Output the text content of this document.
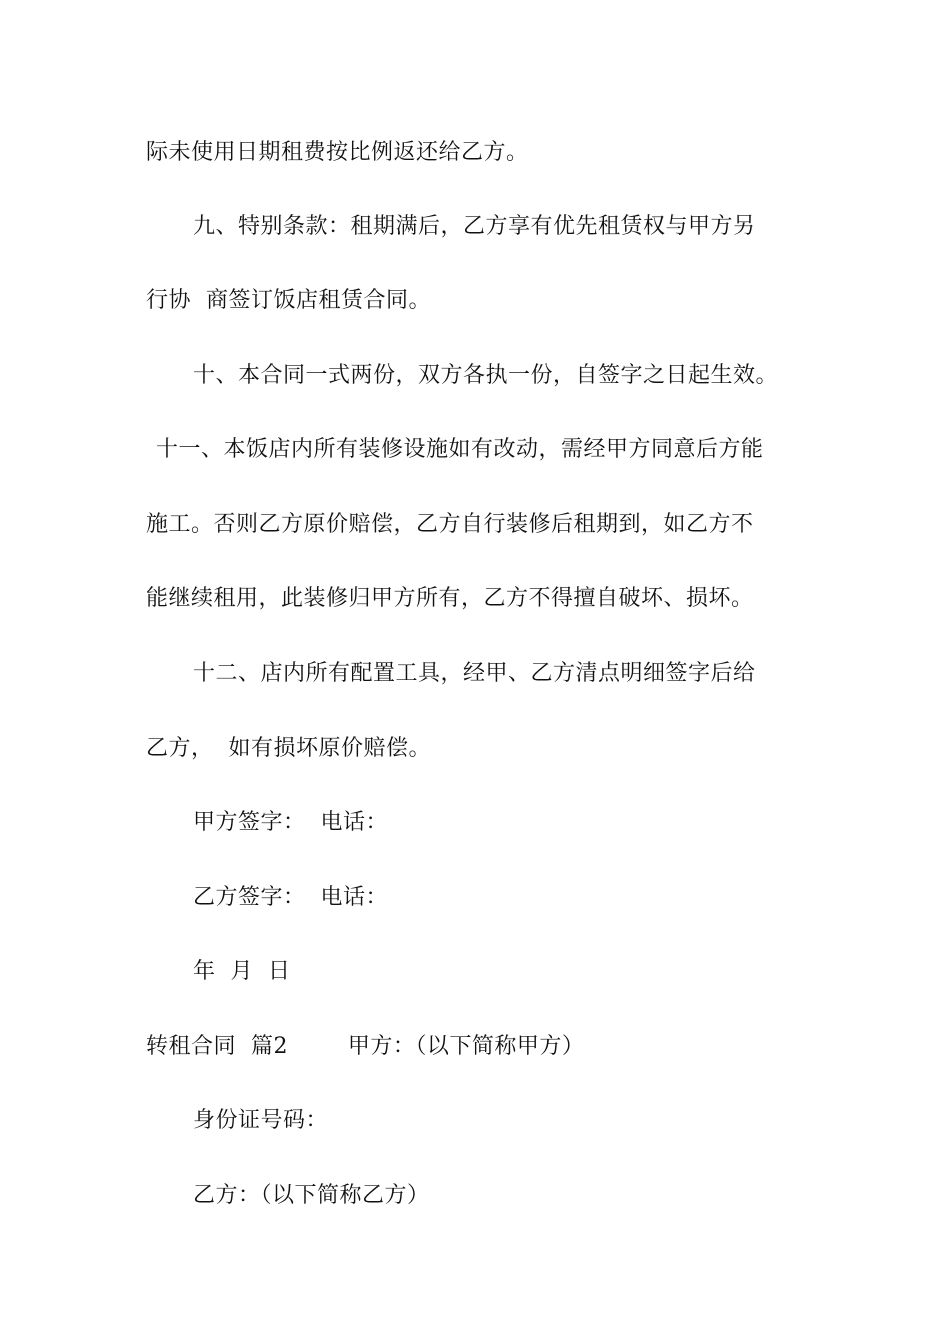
际未使用日期租费按比例返还给乙方。
九、特别条款：租期满后，乙方享有优先租赁权与甲方另
行协  商签订饭店租赁合同。
十、本合同一式两份，双方各执一份，自签字之日起生效。
十一、本饭店内所有装修设施如有改动，需经甲方同意后方能
施工。否则乙方原价赔偿，乙方自行装修后租期到，如乙方不
能继续租用，此装修归甲方所有，乙方不得擅自破坏、损坏。
十二、店内所有配置工具，经甲、乙方清点明细签字后给
乙方，  如有损坏原价赔偿。
甲方签字：  电话：
乙方签字：  电话：
年  月  日
转租合同  篇2        甲方：（以下简称甲方）
身份证号码：
乙方：（以下简称乙方）
